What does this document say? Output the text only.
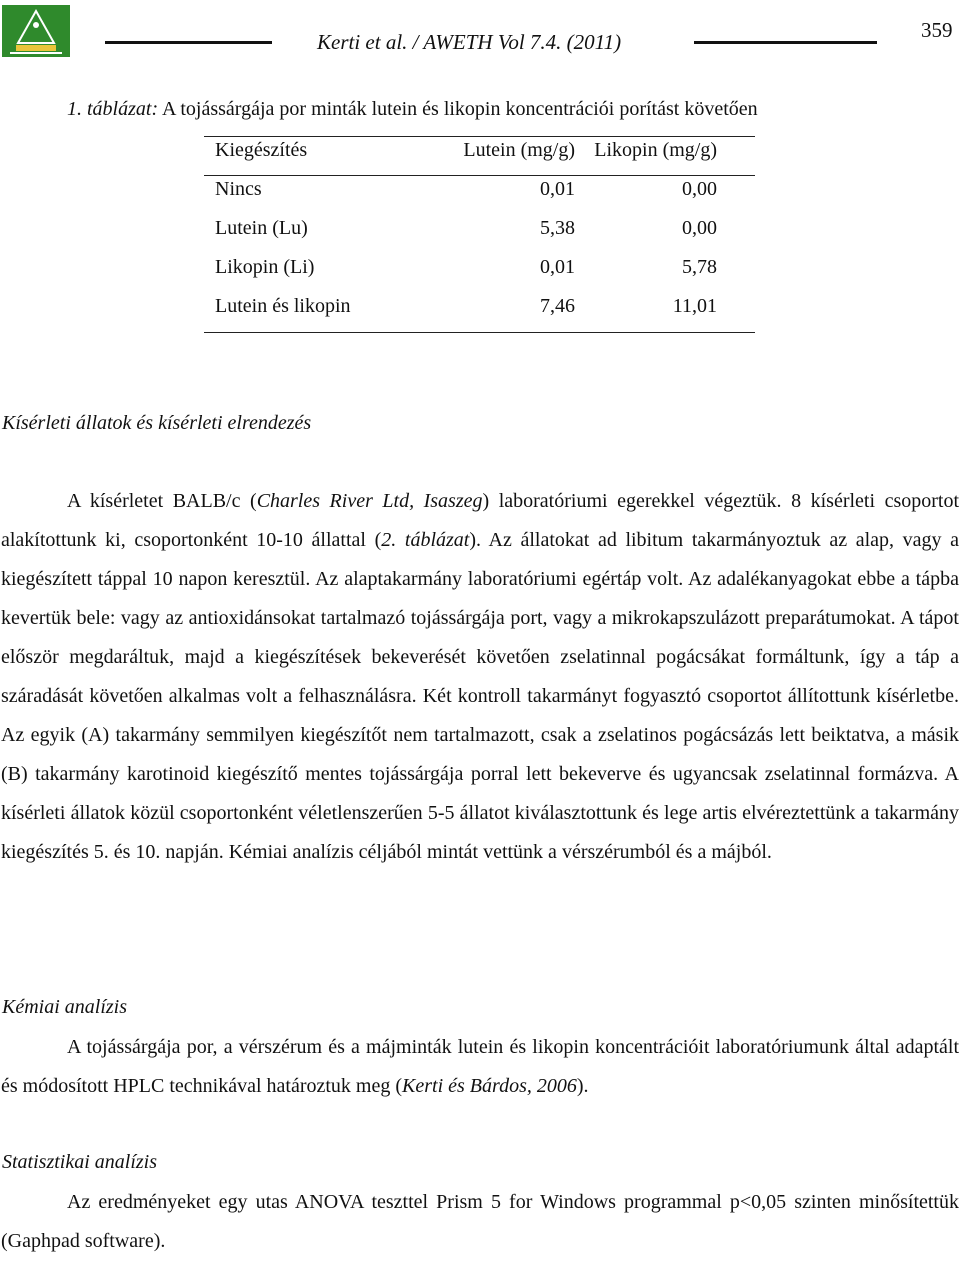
Kerti et al. / AWETH Vol 7.4. (2011)	359
1. táblázat: A tojássárgája por minták lutein és likopin koncentrációi porítást követően
Kiegészítés	Lutein (mg/g)	Likopin (mg/g)
Nincs	0,01	0,00
Lutein (Lu)	5,38	0,00
Likopin (Li)	0,01	5,78
Lutein és likopin	7,46	11,01
Kísérleti állatok és kísérleti elrendezés
A kísérletet BALB/c (Charles River Ltd, Isaszeg) laboratóriumi egerekkel végeztük. 8 kísérleti csoportot alakítottunk ki, csoportonként 10-10 állattal (2. táblázat). Az állatokat ad libitum takarmányoztuk az alap, vagy a kiegészített táppal 10 napon keresztül. Az alaptakarmány laboratóriumi egértáp volt. Az adalékanyagokat ebbe a tápba kevertük bele: vagy az antioxidánsokat tartalmazó tojássárgája port, vagy a mikrokapszulázott preparátumokat. A tápot először megdaráltuk, majd a kiegészítések bekeverését követően zselatinnal pogácsákat formáltunk, így a táp a száradását követően alkalmas volt a felhasználásra. Két kontroll takarmányt fogyasztó csoportot állítottunk kísérletbe. Az egyik (A) takarmány semmilyen kiegészítőt nem tartalmazott, csak a zselatinos pogácsázás lett beiktatva, a másik (B) takarmány karotinoid kiegészítő mentes tojássárgája porral lett bekeverve és ugyancsak zselatinnal formázva. A kísérleti állatok közül csoportonként véletlenszerűen 5-5 állatot kiválasztottunk és lege artis elvéreztettünk a takarmány kiegészítés 5. és 10. napján. Kémiai analízis céljából mintát vettünk a vérszérumból és a májból.
Kémiai analízis
A tojássárgája por, a vérszérum és a májminták lutein és likopin koncentrációit laboratóriumunk által adaptált és módosított HPLC technikával határoztuk meg (Kerti és Bárdos, 2006).
Statisztikai analízis
Az eredményeket egy utas ANOVA teszttel Prism 5 for Windows programmal p<0,05 szinten minősítettük (Gaphpad software).
